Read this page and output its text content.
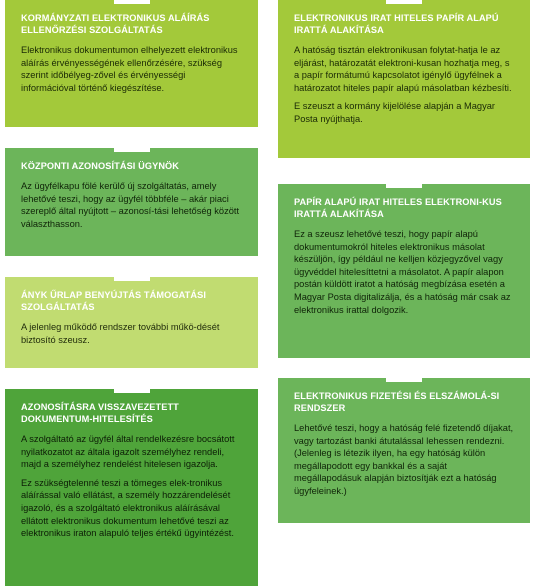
KORMÁNYZATI ELEKTRONIKUS ALÁÍRÁS ELLENŐRZÉSI SZOLGÁLTATÁS

Elektronikus dokumentumon elhelyezett elektronikus aláírás érvényességének ellenőrzésére, szükség szerint időbélyeg-zővel és érvényességi információval történő kiegészítése.

KÖZPONTI AZONOSÍTÁSI ÜGYNÖK

Az ügyfélkapu fölé kerülő új szolgáltatás, amely lehetővé teszi, hogy az ügyfél többféle – akár piaci szereplő által nyújtott – azonosí-tási lehetőség között választhasson.

ÁNYK ŰRLAP BENYÚJTÁS TÁMOGATÁSI SZOLGÁLTATÁS

A jelenleg működő rendszer további műkö-dését biztosító szeusz.

AZONOSÍTÁSRA VISSZAVEZETETT DOKUMENTUM-HITELESÍTÉS

A szolgáltató az ügyfél által rendelkezésre bocsátott nyilatkozatot az általa igazolt személyhez rendeli, majd a személyhez rendelést hitelesen igazolja.

Ez szükségtelenné teszi a tömeges elek-tronikus aláírással való ellátást, a személy hozzárendelését igazoló, és a szolgáltató elektronikus aláírásával ellátott elektronikus dokumentum lehetővé teszi az elektronikus iraton alapuló teljes értékű ügyintézést.

ELEKTRONIKUS IRAT HITELES PAPÍR ALAPÚ IRATTÁ ALAKÍTÁSA

A hatóság tisztán elektronikusan folytat-hatja le az eljárást, határozatát elektroni-kusan hozhatja meg, s a papír formátumú kapcsolatot igénylő ügyfélnek a határozatot hiteles papír alapú másolatban kézbesíti.

E szeuszt a kormány kijelölése alapján a Magyar Posta nyújthatja.

PAPÍR ALAPÚ IRAT HITELES ELEKTRONI-KUS IRATTÁ ALAKÍTÁSA

Ez a szeusz lehetővé teszi, hogy papír alapú dokumentumokról hiteles elektronikus másolat készüljön, így például ne kelljen közjegyzővel vagy ügyvéddel hitelesíttetni a másolatot. A papír alapon postán küldött iratot a hatóság megbízása esetén a Magyar Posta digitalizálja, és a hatóság már csak az elektronikus irattal dolgozik.

ELEKTRONIKUS FIZETÉSI ÉS ELSZÁMOLÁ-SI RENDSZER

Lehetővé teszi, hogy a hatóság felé fizetendő díjakat, vagy tartozást banki átutalással lehessen rendezni. (Jelenleg is létezik ilyen, ha egy hatóság külön megállapodott egy bankkal és a saját megállapodásuk alapján biztosítják ezt a hatóság ügyfeleinek.)
